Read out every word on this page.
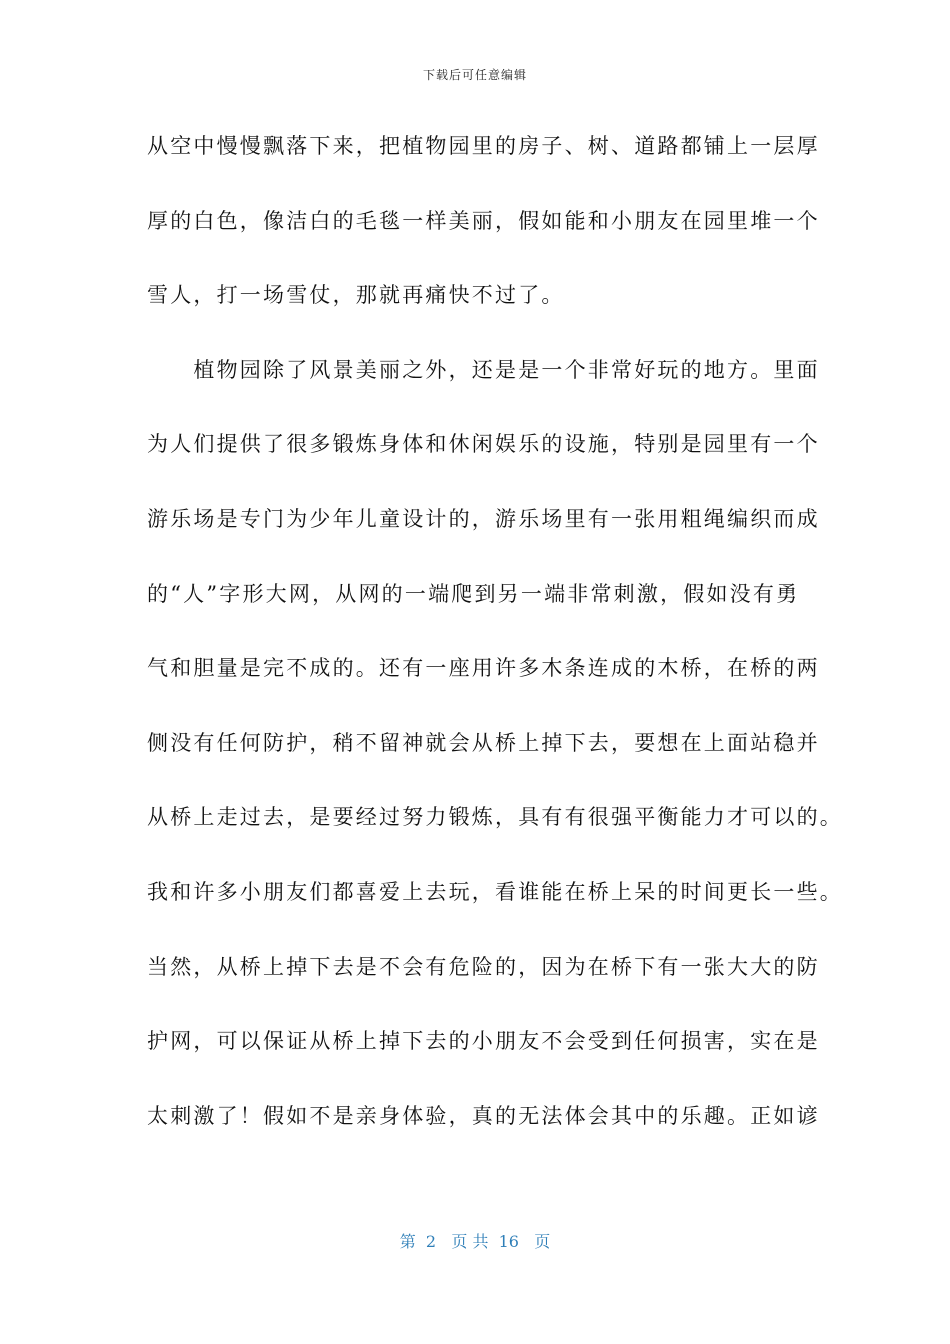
下载后可任意编辑
从空中慢慢飘落下来，把植物园里的房子、树、道路都铺上一层厚
厚的白色，像洁白的毛毯一样美丽，假如能和小朋友在园里堆一个
雪人，打一场雪仗，那就再痛快不过了。
　　植物园除了风景美丽之外，还是是一个非常好玩的地方。里面
为人们提供了很多锻炼身体和休闲娱乐的设施，特别是园里有一个
游乐场是专门为少年儿童设计的，游乐场里有一张用粗绳编织而成
的“人”字形大网，从网的一端爬到另一端非常刺激，假如没有勇
气和胆量是完不成的。还有一座用许多木条连成的木桥，在桥的两
侧没有任何防护，稍不留神就会从桥上掉下去，要想在上面站稳并
从桥上走过去，是要经过努力锻炼，具有有很强平衡能力才可以的。
我和许多小朋友们都喜爱上去玩，看谁能在桥上呆的时间更长一些。
当然，从桥上掉下去是不会有危险的，因为在桥下有一张大大的防
护网，可以保证从桥上掉下去的小朋友不会受到任何损害，实在是
太刺激了！假如不是亲身体验，真的无法体会其中的乐趣。正如谚
第  2   页 共  16   页
